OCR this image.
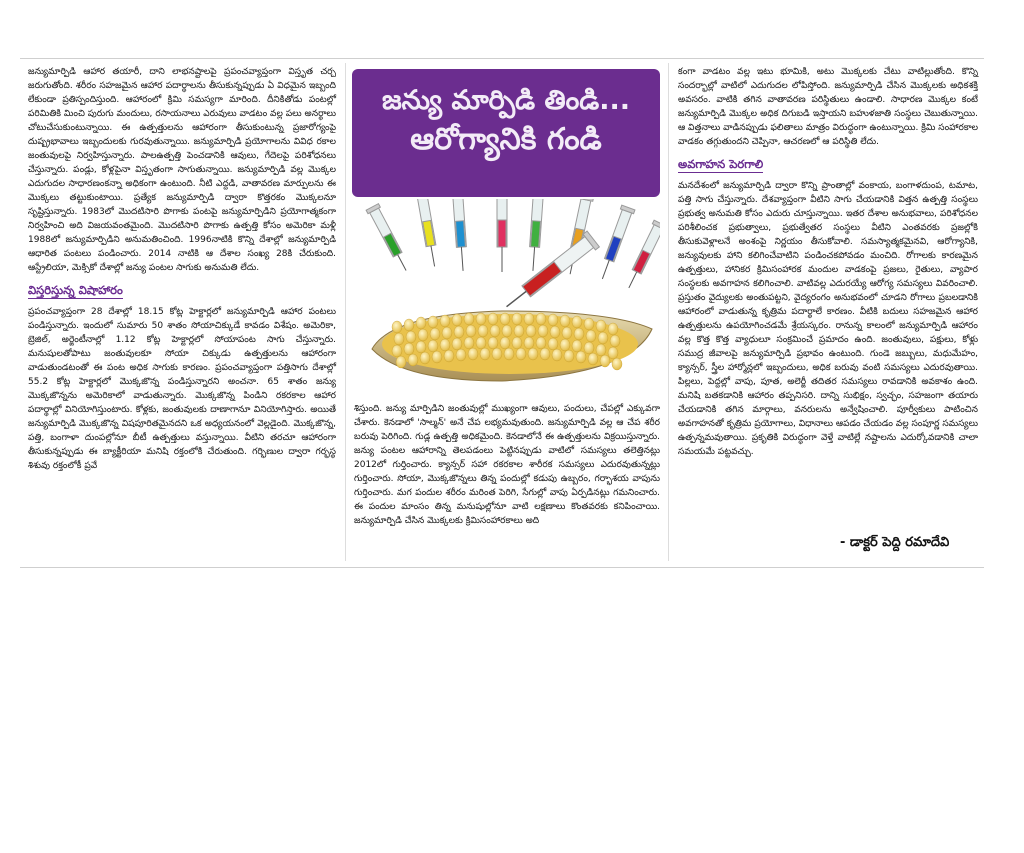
జన్యుమార్పిడి ఆహార తయారీ, దాని లాభనష్టాలపై ప్రపంచవ్యాప్తంగా విస్తృత చర్చ జరుగుతోంది. శరీరం సహజమైన ఆహార పదార్థాలను తీసుకున్నప్పుడు ఏ విధమైన ఇబ్బంది లేకుండా ప్రతిస్పందిస్తుంది. ఆహారంలో క్రిమి సమస్యగా మారింది. దీనికితోడు పంటల్లో పరిమితికి మించి పురుగు మందులు, రసాయనాలు ఎరువులు వాడటం వల్ల పలు అనర్థాలు చోటుచేసుకుంటున్నాయి. ఈ ఉత్పత్తులను ఆహారంగా తీసుకుంటున్న ప్రజారోగ్యంపై దుష్ప్రభావాలు ఇబ్బందులకు గురవుతున్నాయి. జన్యుమార్పిడి ప్రయోగాలను వివిధ రకాల జంతువులపై నిర్వహిస్తున్నారు. పాలఉత్పత్తి పెంచడానికి ఆవులు, గేదెలపై పరిశోధనలు చేస్తున్నారు. పండ్లు, కోళ్లపైనా విస్తృతంగా సాగుతున్నాయి. జన్యుమార్పిడి వల్ల మొక్కల ఎదుగుదల సాధారణంకన్నా అధికంగా ఉంటుంది. నీటి ఎద్దడి, వాతావరణ మార్పులను ఈ మొక్కలు తట్టుకుంటాయి. ప్రత్యేక జన్యుమార్పిడి ద్వారా కొత్తరకం మొక్కలనూ సృష్టిస్తున్నారు. 1983లో మొదటిసారి పొగాకు పంటపై జన్యుమార్పిడిని ప్రయోగాత్మకంగా నిర్వహించి అది విజయవంతమైంది. మొదటిసారి పొగాకు ఉత్పత్తి కోసం అమెరికా మళ్లీ 1988లో జన్యుమార్పిడిని అనుమతించింది. 1996నాటికి కొన్ని దేశాల్లో జన్యుమార్పిడి ఆధారిత పంటలు పండించారు. 2014 నాటికి ఆ దేశాల సంఖ్య 28కి చేరుకుంది. ఆస్ట్రేలియా, మెక్సికో దేశాల్లో జన్యు పంటల సాగుకు అనుమతి లేదు.

విస్తరిస్తున్న విషాహారం

ప్రపంచవ్యాప్తంగా 28 దేశాల్లో 18.15 కోట్ల హెక్టార్లలో జన్యుమార్పిడి ఆహార పంటలు పండిస్తున్నారు. ఇందులో సుమారు 50 శాతం సోయాచిక్కుడే కావడం విశేషం. అమెరికా, బ్రెజిల్, అర్జెంటీనాల్లో 1.12 కోట్ల హెక్టార్లలో సోయాపంట సాగు చేస్తున్నారు. మనుషులతోపాటు జంతువులకూ సోయా చిక్కుడు ఉత్పత్తులను ఆహారంగా వాడుతుండటంతో ఈ పంట అధిక సాగుకు కారణం. ప్రపంచవ్యాప్తంగా పత్తిసాగు దేశాల్లో 55.2 కోట్ల హెక్టార్లలో మొక్కజొన్న పండిస్తున్నారని అంచనా. 65 శాతం జన్యు మొక్కజొన్నను అమెరికాలో వాడుతున్నారు. మొక్కజొన్న పిండిని రకరకాల ఆహార పదార్థాల్లో వినియోగిస్తుంటారు. కోళ్లకు, జంతువులకు దాణాగానూ వినియోగిస్తారు. అయితే జన్యుమార్పిడి మొక్కజొన్న విషపూరితమైనదని ఒక అధ్యయనంలో వెల్లడైంది. మొక్కజొన్న, పత్తి, బంగాళా దుంపల్లోనూ బీటీ ఉత్పత్తులు వస్తున్నాయి. వీటిని తరచూ ఆహారంగా తీసుకున్నప్పుడు ఈ బ్యాక్టీరియా మనిషి రక్తంలోకి చేరుతుంది. గర్భిణుల ద్వారా గర్భస్థ శిశువు రక్తంలోకీ ప్రవే

జన్యు మార్పిడి తిండి...
ఆరోగ్యానికి గండి

శిస్తుంది. జన్యు మార్పిడిని జంతువుల్లో ముఖ్యంగా ఆవులు, పందులు, చేపల్లో ఎక్కువగా చేశారు. కెనడాలో 'సాల్మన్' అనే చేప లభ్యమవుతుంది. జన్యుమార్పిడి వల్ల ఆ చేప శరీర బరువు పెరిగింది. గుడ్ల ఉత్పత్తి అధికమైంది. కెనడాలోనే ఈ ఉత్పత్తులను విక్రయిస్తున్నారు. జన్యు పంటల ఆహారాన్ని తెలపడంలు పెట్టినప్పుడు వాటిలో సమస్యలు తలెత్తినట్లు 2012లో గుర్తించారు. క్యాన్సర్ సహా రకరకాల శారీరక సమస్యలు ఎదురవుతున్నట్లు గుర్తించారు. సోయా, మొక్కజొన్నలు తిన్న పందుల్లో కడుపు ఉబ్బరం, గర్భాశయ వాపును గుర్తించారు. మగ పందుల శరీరం మరింత పెరిగి, సేగుల్లో వాపు ఏర్పడినట్లు గమనించారు. ఈ పందుల మాంసం తిన్న మనుషుల్లోనూ వాటి లక్షణాలు కొంతవరకు కనిపించాయి. జన్యుమార్పిడి చేసిన మొక్కలకు క్రిమిసంహారకాలు అది

కంగా వాడటం వల్ల ఇటు భూమికి, అటు మొక్కలకు చేటు వాటిల్లుతోంది. కొన్ని సందర్భాల్లో వాటిలో ఎదుగుదల లోపిస్తోంది. జన్యుమార్పిడి చేసిన మొక్కలకు అధికశక్తి అవసరం. వాటికి తగిన వాతావరణ పరిస్థితులు ఉండాలి. సాధారణ మొక్కల కంటే జన్యుమార్పిడి మొక్కల అధిక దిగుబడి ఇస్తాయని బహుళజాతి సంస్థలు చెబుతున్నాయి. ఆ విత్తనాలు వాడినప్పుడు ఫలితాలు మాత్రం విరుద్ధంగా ఉంటున్నాయి. క్రిమి సంహారకాల వాడకం తగ్గుతుందని చెప్పినా, ఆచరణలో ఆ పరిస్థితి లేదు.

అవగాహన పెరగాలి

మనదేశంలో జన్యుమార్పిడి ద్వారా కొన్ని ప్రాంతాల్లో వంకాయ, బంగాళదుంప, టమాట, పత్తి సాగు చేస్తున్నారు. దేశవ్యాప్తంగా వీటిని సాగు చేయడానికి విత్తన ఉత్పత్తి సంస్థలు ప్రభుత్వ అనుమతి కోసం ఎదురు చూస్తున్నాయి. ఇతర దేశాల అనుభవాలు, పరిశోధనల పరిశీలించక ప్రభుత్వాలు, ప్రభుత్వేతర సంస్థలు వీటిని ఎంతవరకు ప్రజల్లోకి తీసుకువెళ్లాలనే అంశంపై నిర్ణయం తీసుకోవాలి. సమస్యాత్మకమైనవి, ఆరోగ్యానికి, జన్యువులకు హాని కలిగించేవాటిని పండించకపోవడం మంచిది. రోగాలకు కారణమైన ఉత్పత్తులు, హానికర క్రిమిసంహారక మందుల వాడకంపై ప్రజలు, రైతులు, వ్యాపార సంస్థలకు అవగాహన కలిగించాలి. వాటివల్ల ఎదురయ్యే ఆరోగ్య సమస్యలు వివరించాలి. ప్రస్తుతం వైద్యులకు అంతుపట్టని, వైద్యరంగం అనుభవంలో చూడని రోగాలు ప్రబలడానికి ఆహారంలో వాడుతున్న కృత్రిమ పదార్థాలే కారణం. వీటికి బదులు సహజమైన ఆహార ఉత్పత్తులను ఉపయోగించడమే శ్రేయస్కరం. రానున్న కాలంలో జన్యుమార్పిడి ఆహారం వల్ల కొత్త కొత్త వ్యాధులూ సంక్రమించే ప్రమాదం ఉంది. జంతువులు, పక్షులు, కోళ్లు సముద్ర జీవాలపై జన్యుమార్పిడి ప్రభావం ఉంటుంది. గుండె జబ్బులు, మధుమేహం, క్యాన్సర్, స్త్రీల హార్మోన్లలో ఇబ్బందులు, అధిక బరువు వంటి సమస్యలు ఎదురవుతాయి. పిల్లలు, పెద్దల్లో వాపు, పూత, అలెర్జీ తదితర సమస్యలు రావడానికి అవకాశం ఉంది. మనిషి బతకడానికి ఆహారం తప్పనిసరి. దాన్ని సుభిక్షం, స్వచ్ఛం, సహజంగా తయారు చేయడానికి తగిన మార్గాలు, వనరులను అన్వేషించాలి. పూర్వీకులు పాటించిన అవగాహనతో కృత్రిమ ప్రయోగాలు, విధానాలు ఆపడం చేయడం వల్ల సంపూర్ణ సమస్యలు ఉత్పన్నమవుతాయి. ప్రకృతికి విరుద్ధంగా వెళ్తే వాటిల్లే నష్టాలను ఎదుర్కోవడానికి చాలా సమయమే పట్టవచ్చు.

- డాక్టర్ పెద్ది రమాదేవి
